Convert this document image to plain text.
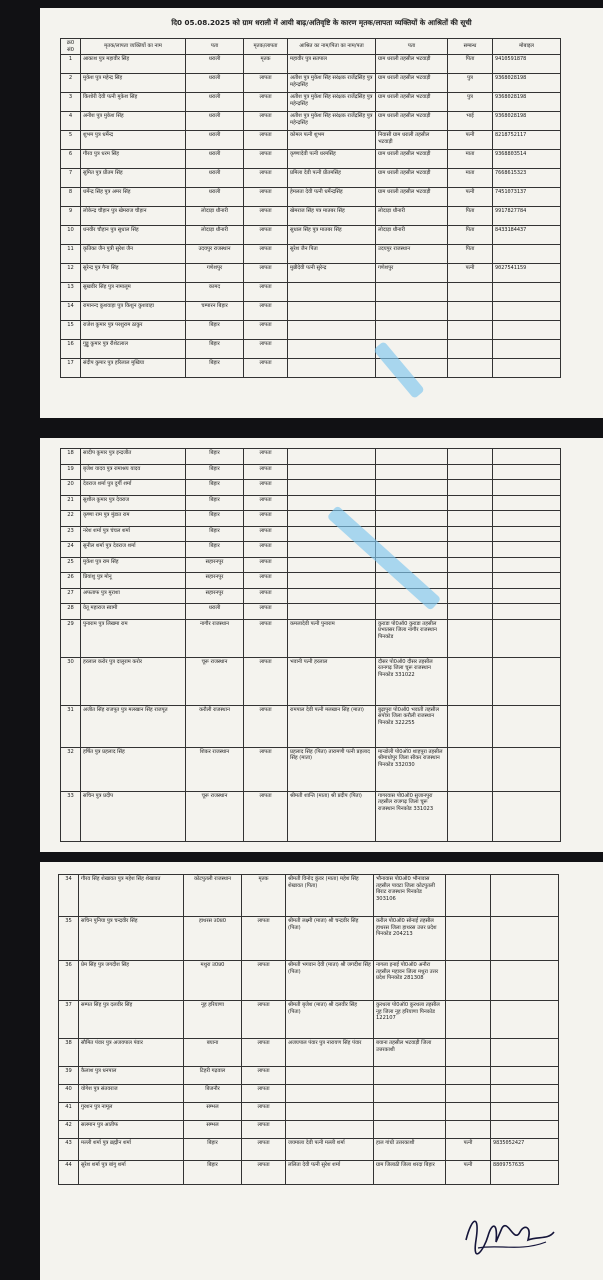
दि0 05.08.2025 को ग्राम धराली में आयी बाढ़/अतिवृष्टि के कारण मृतक/लापता व्यक्तियों के आश्रितों की सूची
क्र0 सं0	मृतक/लापता व्यक्तियों का नाम	पता	मृतक/लापता	आश्रित का नाम/पिता का नाम/पता	पता	सम्बन्ध	मोबाइल
1	आकाश पुत्र महावीर सिंह	धराली	मृतक	महावीर पुत्र सतपाल	ग्राम धराली तहसील भटवाड़ी	पिता	9410591878
2	मुकेश पुत्र महेन्द्र सिंह	धराली	लापता	अतीश पुत्र मुकेश सिंह सरंक्षक राजेंद्रसिंह पुत्र महेन्द्रसिंह	ग्राम धराली तहसील भटवाड़ी	पुत्र	9368028198
3	किशोरी देवी पत्नी मुकेश सिंह	धराली	लापता	अतीश पुत्र मुकेश सिंह सरंक्षक राजेंद्रसिंह पुत्र महेन्द्रसिंह	ग्राम धराली तहसील भटवाड़ी	पुत्र	9368028198
4	अनीश पुत्र मुकेश सिंह	धराली	लापता	अतीश पुत्र मुकेश सिंह सरंक्षक राजेंद्रसिंह पुत्र महेन्द्रसिंह	ग्राम धराली तहसील भटवाड़ी	भाई	9368028198
5	शुभम पुत्र धर्मेन्द्र	धराली	लापता	कोमल पत्नी शुभम	निवासी ग्राम धराली तहसील भटवाड़ी	पत्नी	8218752117
6	गौरव पुत्र धरम सिंह	धराली	लापता	कृष्णादेवी पत्नी धरमसिंह	ग्राम धराली तहसील भटवाड़ी	माता	9368803514
7	सुमित पुत्र प्रीतम सिंह	धराली	लापता	प्रमिला देवी पत्नी प्रीतमसिंह	ग्राम धराली तहसील भटवाड़ी	माता	7668615323
8	धर्मेन्द्र सिंह पुत्र अमर सिंह	धराली	लापता	हेमलता देवी पत्नी धर्मेन्द्रसिंह	ग्राम धराली तहसील भटवाड़ी	पत्नी	7451073137
9	लोकेन्द्र चौहान पुत्र खेमराज चौहान	लोदाड़ा धौनारी	लापता	खेमराज सिंह पत्र मातबर सिंह	लोदाड़ा धौनारी	पिता	9917827784
10	धनवीर चौहान पुत्र सुधाल सिंह	लोदाड़ा धौनारी	लापता	सुधाल सिंह पुत्र मातबर सिंह	लोदाड़ा धौनारी	पिता	8433184437
11	कृतिका जैन पुत्री सुरेश जैन	उदयपुर राजस्थान	लापता	सुरेश जैन पिता	उदयपुर राजस्थान	पिता	
12	सुरेन्द्र पुत्र गैना सिंह	गणेशपुर	लापता	मुन्नीदेवी पत्नी सुरेन्द्र	गणेशपुर	पत्नी	9027541159
13	सुखवीर सिंह पुत्र नामालूम	कामद	लापता				
14	रामानन्द कुशवाहा पुत्र किशुन कुशवाहा	चम्पारन बिहार	लापता				
15	राजेश कुमार पुत्र परशुराम ठाकुर	बिहार	लापता				
16	गुड्डू कुमार पुत्र रौशेटलाल	बिहार	लापता				
17	संदीप कुमार पुत्र हरिलाल मुखिया	बिहार	लापता				
18	सादीप कुमार पुत्र इन्द्रजीत	बिहार	लापता				
19	बृजेश यादव पुत्र रामाश्रय यादव	बिहार	लापता				
20	देवराज शर्मा पुत्र दुर्गी शर्मा	बिहार	लापता				
21	सुशील कुमार पुत्र देवराज	बिहार	लापता				
22	कृष्णा राम पुत्र मुंडात राम	बिहार	लापता				
23	नरेश शर्मा पुत्र चंचल शर्मा	बिहार	लापता				
24	सुनील शर्मा पुत्र देवराज शर्मा	बिहार	लापता				
25	मुकेश पुत्र राम सिंह	सहारनपुर	लापता				
26	प्रियांशु पुत्र मोनू	सहारनपुर	लापता				
27	अफताफ पुत्र मुराशा	सहारनपुर	लापता				
28	वेतू महाराज स्वामी	धराली	लापता				
29	पुनाराम पुत्र लिखमा राम	नागौर राजस्थान	लापता	कमलादेवी पत्नी पुनाराम	कुराडा पो0ऑ0 कुराडा तहसील प्रभातसर जिला नागौर राजस्थान पिनकोड		
30	हरलाल करोर पुत्र दालुराम करोर	चूरू राजस्थान	लापता	भवानी पत्नी हरलाल	दौसर पो0ऑ0 दौसर तहसील रतनगढ़ जिला चूरू राजस्थान पिनकोड 331022		
31	अजीत सिंह राजपूत पुत्र मलखान सिंह राजपूत	करौली राजस्थान	लापता	रामपाल देवी पत्नी मलखान सिंह (माता)	बुढ़ापुरा पो0ऑ0 भवाती तहसील सपोत्रा जिला करौली राजस्थान पिनकोड 322255		
32	हर्षित पुत्र प्रहलाद सिंह	शिकर राजस्थान	लापता	प्रहलाद सिंह (पिता) तारामणी पत्नी प्रहलाद सिंह (माता)	मान्डोली पो0ऑ0 शाहपुरा तहसील श्रीमाधोपुर जिला सीकर राजस्थान पिनकोड 332030		
33	सचिन पुत्र प्रदीप	चूरू राजस्थान	लापता	श्रीमती शान्ति (माता) श्री प्रदीप (पिता)	गागरवास पो0ऑ0 सुजानपुरा तहसील राजगढ़ जिला चूरू राजस्थान पिनकोड 331023		
34	गौरव सिंह शेखावत पुत्र महेश सिंह शेखावत	कोटपुतली राजस्थान	मृतक	श्रीमती विनोद कुंवर (माता) महेश सिंह शेखावत (पिता)	भौनावास पो0ऑ0 भौनावास तहसील पावटा जिला कोटपुतली बिराट राजस्थान पिनकोड 303106		
35	सचिन पुनिया पुत्र चन्द्रवीर सिंह	हाथरस उ0प्र0	लापता	श्रीमती लक्ष्मी (माता) श्री चन्द्रवीर सिंह (पिता)	करील पो0ऑ0 सोनाई तहसील हाथरस जिला हाथरस उत्तर प्रदेश पिनकोड 204213		
36	प्रेम सिंह पुत्र जगदीश सिंह	मथुरा उ0प्र0	लापता	श्रीमती भगवान देवी (माता) श्री जगदीश सिंह (पिता)	नागला इनाई पो0ऑ0 अनौरा तहसील महावन जिला मथुरा उत्तर प्रदेश पिनकोड 281308		
37	सम्पत सिंह पुत्र दलवीर सिंह	नूह हरियाणा	लापता	श्रीमती बृजेश (माता) श्री दलवीर सिंह (पिता)	कुरथला पो0ऑ0 कुरथला तहसील नूह जिला नूह हरियाणा पिनकोड 122107		
38	सौमित पंवार पुत्र अजयपाल पंवार	बयाना	लापता	अजयपाल पंवार पुत्र नारायण सिंह पंवार	बयाना तहसील भटवाड़ी जिला उत्तरकाशी		
39	कैलाश पुत्र धनपाल	टिहरी गढ़वाल	लापता				
40	योगेश पुत्र संतवराज	बिजनौर	लापता				
41	गुरशन पुत्र नामूल	सम्भल	लापता				
42	सलमान पुत्र आतीफ	सम्भल	लापता				
43	मल्ली शर्मा पुत्र ब्रह्मीन शर्मा	बिहार	लापता	जयमाला देवी पत्नी मल्ली शर्मा	हाल गांधी उत्तरकाशी	पत्नी	9835052427
44	सुरेश शर्मा पुत्र बांगु शर्मा	बिहार	लापता	ललिता देवी पत्नी सुरेश शर्मा	ग्राम जिलाठी जिला शरदा बिहार	पत्नी	8809757635
